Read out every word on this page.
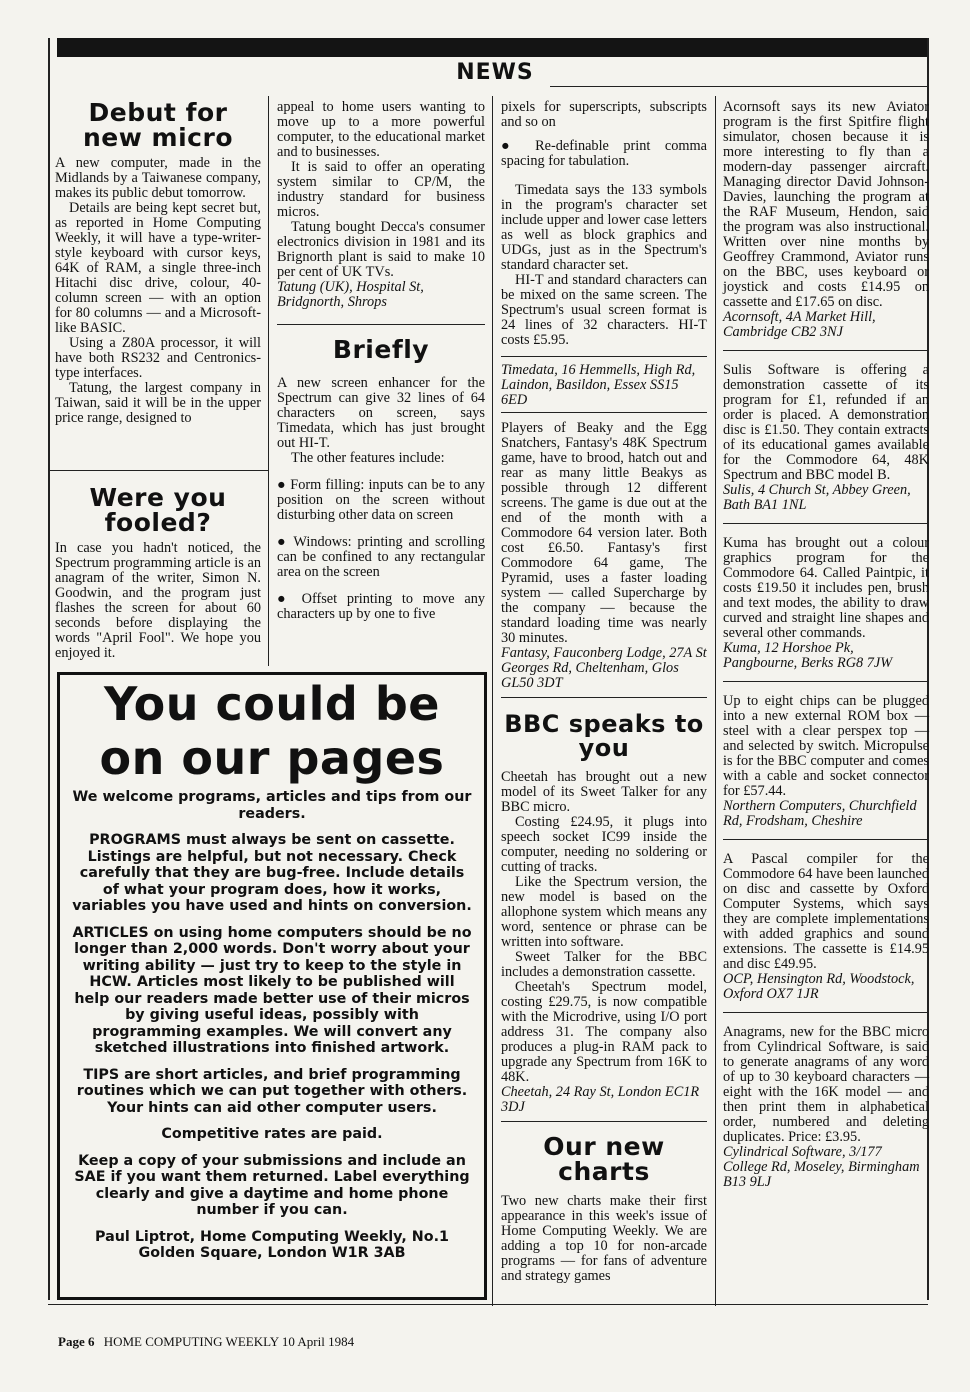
NEWS
Debut for new micro

A new computer, made in the Midlands by a Taiwanese company, makes its public debut tomorrow.

Details are being kept secret but, as reported in Home Computing Weekly, it will have a type-writer-style keyboard with cursor keys, 64K of RAM, a single three-inch Hitachi disc drive, colour, 40-column screen — with an option for 80 columns — and a Microsoft-like BASIC.

Using a Z80A processor, it will have both RS232 and Centronics-type interfaces.

Tatung, the largest company in Taiwan, said it will be in the upper price range, designed to

Were you fooled?

In case you hadn't noticed, the Spectrum programming article is an anagram of the writer, Simon N. Goodwin, and the program just flashes the screen for about 60 seconds before displaying the words "April Fool". We hope you enjoyed it.

appeal to home users wanting to move up to a more powerful computer, to the educational market and to businesses.

It is said to offer an operating system similar to CP/M, the industry standard for business micros.

Tatung bought Decca's consumer electronics division in 1981 and its Brignorth plant is said to make 10 per cent of UK TVs.

Tatung (UK), Hospital St, Bridgnorth, Shrops

Briefly

A new screen enhancer for the Spectrum can give 32 lines of 64 characters on screen, says Timedata, which has just brought out HI-T.

The other features include:

● Form filling: inputs can be to any position on the screen without disturbing other data on screen

● Windows: printing and scrolling can be confined to any rectangular area on the screen

● Offset printing to move any characters up by one to five

pixels for superscripts, subscripts and so on

● Re-definable print comma spacing for tabulation.

Timedata says the 133 symbols in the program's character set include upper and lower case letters as well as block graphics and UDGs, just as in the Spectrum's standard character set.

HI-T and standard characters can be mixed on the same screen. The Spectrum's usual screen format is 24 lines of 32 characters. HI-T costs £5.95.

Timedata, 16 Hemmells, High Rd, Laindon, Basildon, Essex SS15 6ED

Players of Beaky and the Egg Snatchers, Fantasy's 48K Spectrum game, have to brood, hatch out and rear as many little Beakys as possible through 12 different screens. The game is due out at the end of the month with a Commodore 64 version later. Both cost £6.50. Fantasy's first Commodore 64 game, The Pyramid, uses a faster loading system — called Supercharge by the company — because the standard loading time was nearly 30 minutes.

Fantasy, Fauconberg Lodge, 27A St Georges Rd, Cheltenham, Glos GL50 3DT

BBC speaks to you

Cheetah has brought out a new model of its Sweet Talker for any BBC micro.

Costing £24.95, it plugs into speech socket IC99 inside the computer, needing no soldering or cutting of tracks.

Like the Spectrum version, the new model is based on the allophone system which means any word, sentence or phrase can be written into software.

Sweet Talker for the BBC includes a demonstration cassette.

Cheetah's Spectrum model, costing £29.75, is now compatible with the Microdrive, using I/O port address 31. The company also produces a plug-in RAM pack to upgrade any Spectrum from 16K to 48K.

Cheetah, 24 Ray St, London EC1R 3DJ

Our new charts

Two new charts make their first appearance in this week's issue of Home Computing Weekly. We are adding a top 10 for non-arcade programs — for fans of adventure and strategy games

Acornsoft says its new Aviator program is the first Spitfire flight simulator, chosen because it is more interesting to fly than a modern-day passenger aircraft. Managing director David Johnson-Davies, launching the program at the RAF Museum, Hendon, said the program was also instructional. Written over nine months by Geoffrey Crammond, Aviator runs on the BBC, uses keyboard or joystick and costs £14.95 on cassette and £17.65 on disc.

Acornsoft, 4A Market Hill, Cambridge CB2 3NJ

Sulis Software is offering a demonstration cassette of its program for £1, refunded if an order is placed. A demonstration disc is £1.50. They contain extracts of its educational games available for the Commodore 64, 48K Spectrum and BBC model B.

Sulis, 4 Church St, Abbey Green, Bath BA1 1NL

Kuma has brought out a colour graphics program for the Commodore 64. Called Paintpic, it costs £19.50 it includes pen, brush and text modes, the ability to draw curved and straight line shapes and several other commands.

Kuma, 12 Horshoe Pk, Pangbourne, Berks RG8 7JW

Up to eight chips can be plugged into a new external ROM box — steel with a clear perspex top — and selected by switch. Micropulse is for the BBC computer and comes with a cable and socket connector for £57.44.

Northern Computers, Churchfield Rd, Frodsham, Cheshire

A Pascal compiler for the Commodore 64 have been launched on disc and cassette by Oxford Computer Systems, which says they are complete implementations with added graphics and sound extensions. The cassette is £14.95 and disc £49.95.

OCP, Hensington Rd, Woodstock, Oxford OX7 1JR

Anagrams, new for the BBC micro from Cylindrical Software, is said to generate anagrams of any word of up to 30 keyboard characters — eight with the 16K model — and then print them in alphabetical order, numbered and deleting duplicates. Price: £3.95.

Cylindrical Software, 3/177 College Rd, Moseley, Birmingham B13 9LJ

You could be
on our pages

We welcome programs, articles and tips from our readers.

PROGRAMS must always be sent on cassette. Listings are helpful, but not necessary. Check carefully that they are bug-free. Include details of what your program does, how it works, variables you have used and hints on conversion.

ARTICLES on using home computers should be no longer than 2,000 words. Don't worry about your writing ability — just try to keep to the style in HCW. Articles most likely to be published will help our readers made better use of their micros by giving useful ideas, possibly with programming examples. We will convert any sketched illustrations into finished artwork.

TIPS are short articles, and brief programming routines which we can put together with others. Your hints can aid other computer users.

Competitive rates are paid.

Keep a copy of your submissions and include an SAE if you want them returned. Label everything clearly and give a daytime and home phone number if you can.

Paul Liptrot, Home Computing Weekly, No.1 Golden Square, London W1R 3AB

Page 6 HOME COMPUTING WEEKLY 10 April 1984
